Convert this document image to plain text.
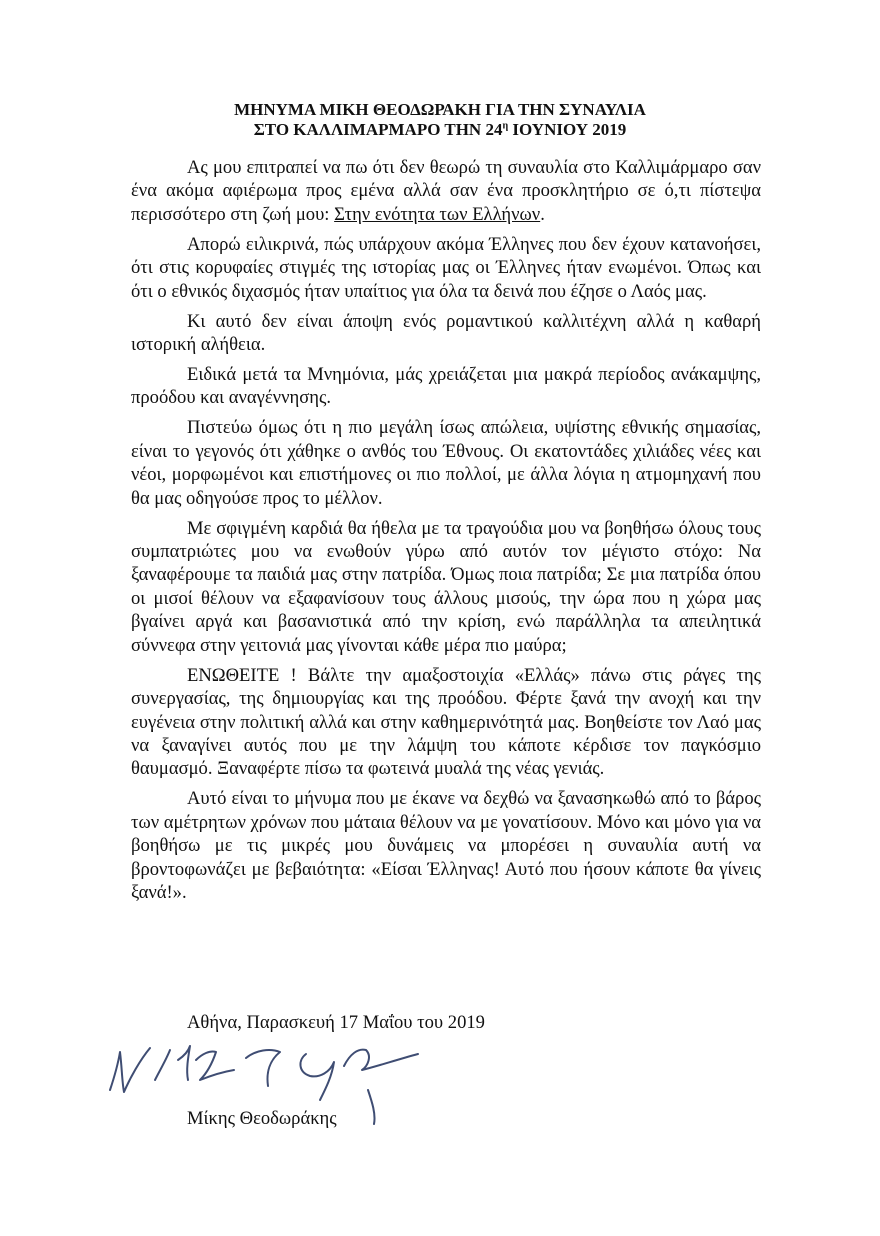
ΜΗΝΥΜΑ ΜΙΚΗ ΘΕΟΔΩΡΑΚΗ ΓΙΑ ΤΗΝ ΣΥΝΑΥΛΙΑ
ΣΤΟ ΚΑΛΛΙΜΑΡΜΑΡΟ ΤΗΝ $24^\eta$ ΙΟΥΝΙΟΥ 2019

Ας μου επιτραπεί να πω ότι δεν θεωρώ τη συναυλία στο Καλλιμάρμαρο σαν ένα ακόμα αφιέρωμα προς εμένα αλλά σαν ένα προσκλητήριο σε ό,τι πίστεψα περισσότερο στη ζωή μου: Στην ενότητα των Ελλήνων.

Απορώ ειλικρινά, πώς υπάρχουν ακόμα Έλληνες που δεν έχουν κατανοήσει, ότι στις κορυφαίες στιγμές της ιστορίας μας οι Έλληνες ήταν ενωμένοι. Όπως και ότι ο εθνικός διχασμός ήταν υπαίτιος για όλα τα δεινά που έζησε ο Λαός μας.

Κι αυτό δεν είναι άποψη ενός ρομαντικού καλλιτέχνη αλλά η καθαρή ιστορική αλήθεια.

Ειδικά μετά τα Μνημόνια, μάς χρειάζεται μια μακρά περίοδος ανάκαμψης, προόδου και αναγέννησης.

Πιστεύω όμως ότι η πιο μεγάλη ίσως απώλεια, υψίστης εθνικής σημασίας, είναι το γεγονός ότι χάθηκε ο ανθός του Έθνους. Οι εκατοντάδες χιλιάδες νέες και νέοι, μορφωμένοι και επιστήμονες οι πιο πολλοί, με άλλα λόγια η ατμομηχανή που θα μας οδηγούσε προς το μέλλον.

Με σφιγμένη καρδιά θα ήθελα με τα τραγούδια μου να βοηθήσω όλους τους συμπατριώτες μου να ενωθούν γύρω από αυτόν τον μέγιστο στόχο: Να ξαναφέρουμε τα παιδιά μας στην πατρίδα. Όμως ποια πατρίδα; Σε μια πατρίδα όπου οι μισοί θέλουν να εξαφανίσουν τους άλλους μισούς, την ώρα που η χώρα μας βγαίνει αργά και βασανιστικά από την κρίση, ενώ παράλληλα τα απειλητικά σύννεφα στην γειτονιά μας γίνονται κάθε μέρα πιο μαύρα;

ΕΝΩΘΕΙΤΕ ! Βάλτε την αμαξοστοιχία «Ελλάς» πάνω στις ράγες της συνεργασίας, της δημιουργίας και της προόδου. Φέρτε ξανά την ανοχή και την ευγένεια στην πολιτική αλλά και στην καθημερινότητά μας. Βοηθείστε τον Λαό μας να ξαναγίνει αυτός που με την λάμψη του κάποτε κέρδισε τον παγκόσμιο θαυμασμό. Ξαναφέρτε πίσω τα φωτεινά μυαλά της νέας γενιάς.

Αυτό είναι το μήνυμα που με έκανε να δεχθώ να ξανασηκωθώ από το βάρος των αμέτρητων χρόνων που μάταια θέλουν να με γονατίσουν. Μόνο και μόνο για να βοηθήσω με τις μικρές μου δυνάμεις να μπορέσει η συναυλία αυτή να βροντοφωνάζει με βεβαιότητα: «Είσαι Έλληνας! Αυτό που ήσουν κάποτε θα γίνεις ξανά!».

Αθήνα, Παρασκευή 17 Μαΐου του 2019
Μίκης Θεοδωράκης
